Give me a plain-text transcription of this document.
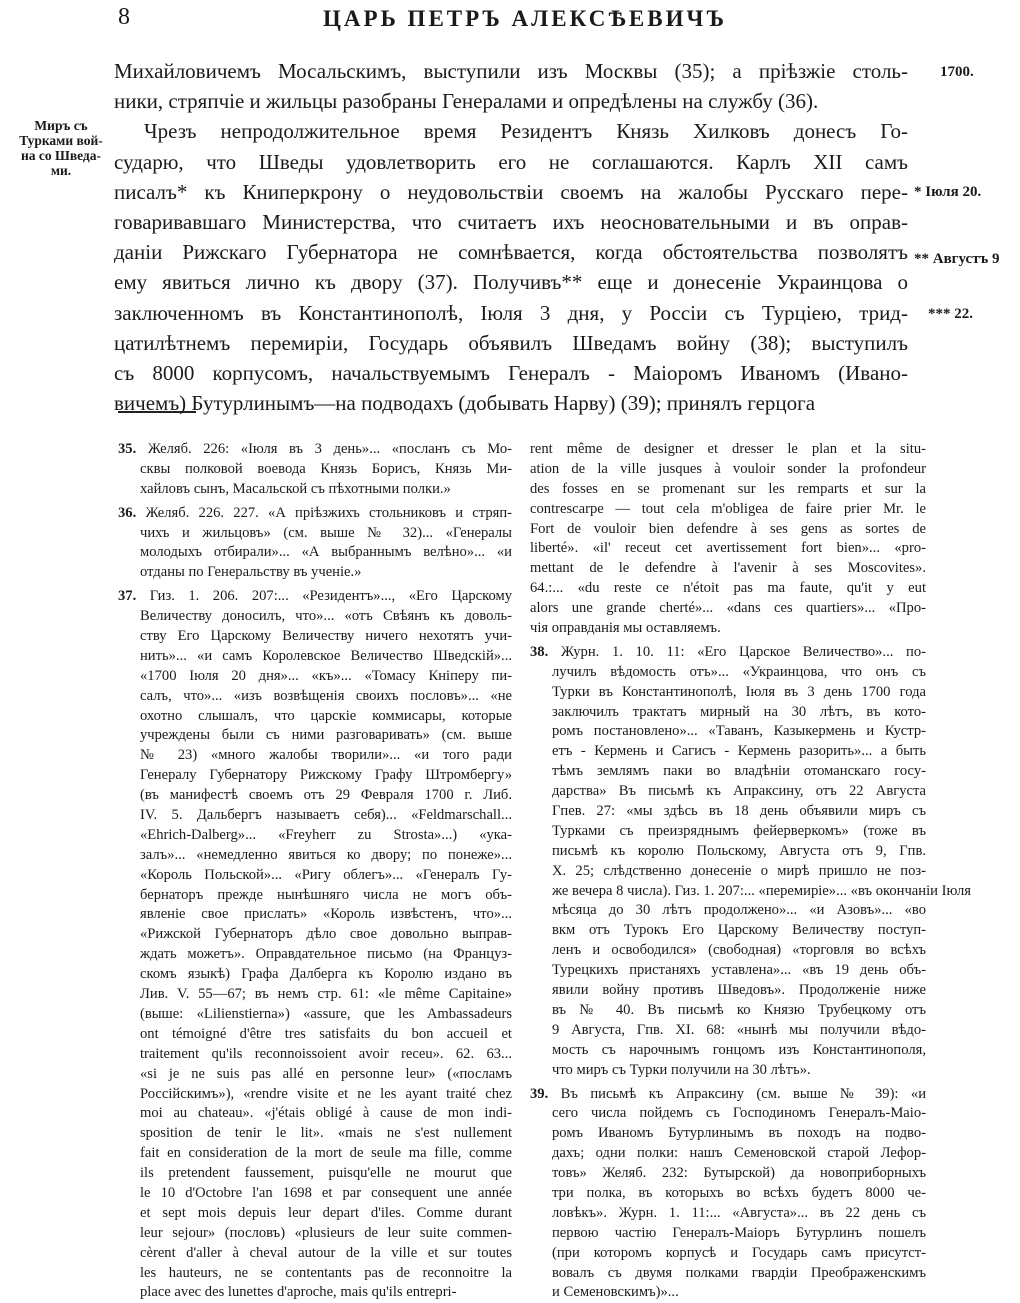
8	ЦАРЬ ПЕТРЪ АЛЕКСѢЕВИЧЪ
Миръ съ
Турками вой-
на со Шведа-
ми.
1700.
* Iюля 20.
** Августъ 9
*** 22.
Михайловичемъ Мосальскимъ, выступили изъ Москвы (35); а прiѣзжiе столь-
ники, стряпчiе и жильцы разобраны Генералами и опредѣлены на службу (36).
Чрезъ непродолжительное время Резидентъ Князь Хилковъ донесъ Го-
сударю, что Шведы удовлетворить его не соглашаются. Карлъ XII самъ
писалъ* къ Книперкрону о неудовольствiи своемъ на жалобы Русскаго пере-
говаривавшаго Министерства, что считаетъ ихъ неосновательными и въ оправ-
данiи Рижскаго Губернатора не сомнѣвается, когда обстоятельства позволятъ
ему явиться лично къ двору (37). Получивъ** еще и донесенiе Украинцова о
заключенномъ въ Константинополѣ, Iюля 3 дня, у Россiи съ Турцiею, трид-
цатилѣтнемъ перемирiи, Государь объявилъ Шведамъ войну (38); выступилъ
съ 8000 корпусомъ, начальствуемымъ Генералъ - Маiоромъ Иваномъ (Ивано-
вичемъ) Бутурлинымъ—на подводахъ (добывать Нарву) (39); принялъ герцога
35. Желяб. 226: «Iюля въ 3 день»... «посланъ съ Мо-
сквы полковой воевода Князь Борисъ, Князь Ми-
хайловъ сынъ, Масальской съ пѣхотными полки.»
36. Желяб. 226. 227. «А прiѣзжихъ стольниковъ и стряп-
чихъ и жильцовъ» (см. выше № 32)... «Генералы
молодыхъ отбирали»... «А выбраннымъ велѣно»... «и
отданы по Генеральству въ ученiе.»
37. Гиз. 1. 206. 207:... «Резидентъ»..., «Его Царскому
Величеству доносилъ, что»... «отъ Свѣянъ къ доволь-
ству Его Царскому Величеству ничего нехотятъ учи-
нить»... «и самъ Королевское Величество Шведскiй»...
«1700 Iюля 20 дня»... «къ»... «Томасу Кнiперу пи-
салъ, что»... «изъ возвѣщенiя своихъ пословъ»... «не
охотно слышалъ, что царскiе коммисары, которые
учреждены были съ ними разговаривать» (см. выше
№ 23) «много жалобы творили»... «и того ради
Генералу Губернатору Рижскому Графу Штромбергу»
(въ манифестѣ своемъ отъ 29 Февраля 1700 г. Либ.
IV. 5. Дальбергъ называетъ себя)... «Feldmarschall...
«Ehrich-Dalberg»... «Freyherr zu Strosta»...) «ука-
залъ»... «немедленно явиться ко двору; по понеже»...
«Король Польской»... «Ригу облегъ»... «Генералъ Гу-
бернаторъ прежде нынѣшняго числа не могъ объ-
явленiе свое прислать» «Король извѣстенъ, что»...
«Рижской Губернаторъ дѣло свое довольно выправ-
ждать можетъ». Оправдательное письмо (на Француз-
скомъ языкѣ) Графа Далберга къ Королю издано въ
Лив. V. 55—67; въ немъ стр. 61: «le même Capitaine»
(выше: «Lilienstierna») «assure, que les Ambassadeurs
ont témoigné d'être tres satisfaits du bon accueil et
traitement qu'ils reconnoissoient avoir receu». 62. 63...
«si je ne suis pas allé en personne leur» («посламъ
Россiйскимъ»), «rendre visite et ne les ayant traité chez
moi au chateau». «j'étais obligé à cause de mon indi-
sposition de tenir le lit». «mais ne s'est nullement
fait en consideration de la mort de seule ma fille, comme
ils pretendent faussement, puisqu'elle ne mourut que
le 10 d'Octobre l'an 1698 et par consequent une année
et sept mois depuis leur depart d'iles. Comme durant
leur sejour» (пословъ) «plusieurs de leur suite commen-
cèrent d'aller à cheval autour de la ville et sur toutes
les hauteurs, ne se contentants pas de reconnoitre la
place avec des lunettes d'aproche, mais qu'ils entrepri-
rent même de designer et dresser le plan et la situ-
ation de la ville jusques à vouloir sonder la profondeur
des fosses en se promenant sur les remparts et sur la
contrescarpe — tout cela m'obligea de faire prier Mr. le
Fort de vouloir bien defendre à ses gens as sortes de
liberté». «il' receut cet avertissement fort bien»... «pro-
mettant de le defendre à l'avenir à ses Moscovites».
64.:... «du reste ce n'étoit pas ma faute, qu'it y eut
alors une grande cherté»... «dans ces quartiers»... «Про-
чiя оправданiя мы оставляемъ.
38. Журн. 1. 10. 11: «Его Царское Величество»... по-
лучилъ вѣдомость отъ»... «Украинцова, что онъ съ
Турки въ Константинополѣ, Iюля въ 3 день 1700 года
заключилъ трактатъ мирный на 30 лѣтъ, въ кото-
ромъ постановлено»... «Таванъ, Казыкермень и Кустр-
етъ - Кермень и Сагисъ - Кермень разорить»... а быть
тѣмъ землямъ паки во владѣнiи отоманскаго госу-
дарства» Въ письмѣ къ Апраксину, отъ 22 Августа
Гпев. 27: «мы здѣсь въ 18 день объявили миръ съ
Турками съ преизряднымъ фейерверкомъ» (тоже въ
письмѣ къ королю Польскому, Августа отъ 9, Гпв.
X. 25; слѣдственно донесенiе о мирѣ пришло не поз-
же вечера 8 числа). Гиз. 1. 207:... «перемирiе»... «въ окончанiи Iюля
мѣсяца до 30 лѣтъ продолжено»... «и Азовъ»... «во
вкм отъ Турокъ Его Царскому Величеству поступ-
ленъ и освободился» (свободная) «торговля во всѣхъ
Турецкихъ пристаняхъ уставлена»... «въ 19 день объ-
явили войну противъ Шведовъ». Продолженiе ниже
въ № 40. Въ письмѣ ко Князю Трубецкому отъ
9 Августа, Гпв. XI. 68: «нынѣ мы получили вѣдо-
мость съ нарочнымъ гонцомъ изъ Константинополя,
что миръ съ Турки получили на 30 лѣтъ».
39. Въ письмѣ къ Апраксину (см. выше № 39): «и
сего числа пойдемъ съ Господиномъ Генералъ-Маiо-
ромъ Иваномъ Бутурлинымъ въ походъ на подво-
дахъ; одни полки: нашъ Семеновской старой Лефор-
товъ» Желяб. 232: Бутырской) да новоприборныхъ
три полка, въ которыхъ во всѣхъ будетъ 8000 че-
ловѣкъ». Журн. 1. 11:... «Августа»... въ 22 день съ
первою частiю Генералъ-Маiоръ Бутурлинъ пошелъ
(при которомъ корпусѣ и Государь самъ присутст-
вовалъ съ двумя полками гвардiи Преображенскимъ
и Семеновскимъ)»...
